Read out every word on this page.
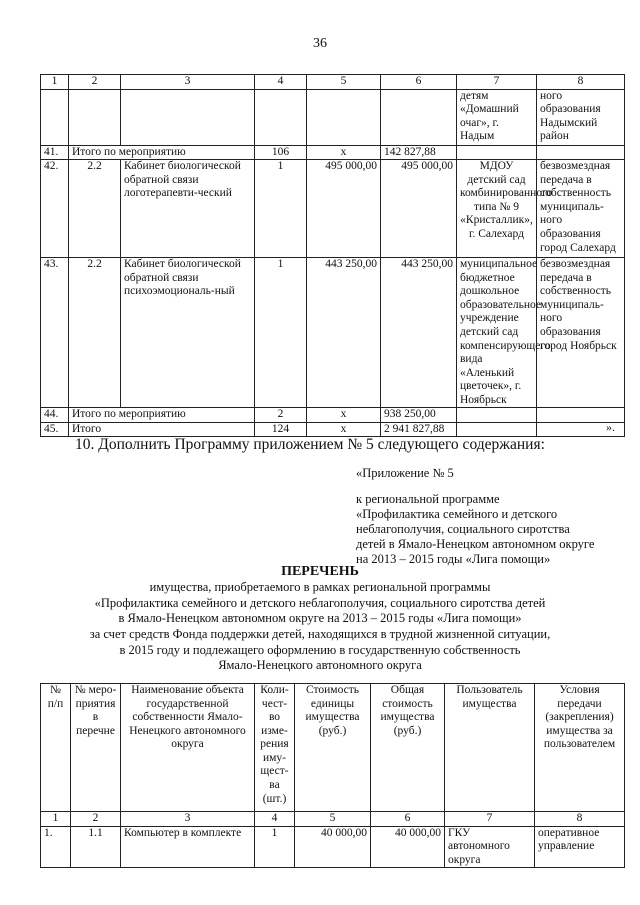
36
1	2	3	4	5	6	7	8
						детям «Домашний очаг», г. Надым	ного образования Надымский район
41.	Итого по мероприятию		106	х	142 827,88		
42.	2.2	Кабинет биологической обратной связи логотерапевти-ческий	1	495 000,00	495 000,00	МДОУ детский сад комбинированного типа № 9 «Кристаллик», г. Салехард	безвозмездная передача в собственность муниципаль-ного образования город Салехард
43.	2.2	Кабинет биологической обратной связи психоэмоциональ-ный	1	443 250,00	443 250,00	муниципальное бюджетное дошкольное образовательное учреждение детский сад компенсирующего вида «Аленький цветочек», г. Ноябрьск	безвозмездная передача в собственность муниципаль-ного образования город Ноябрьск
44.	Итого по мероприятию		2	х	938 250,00		
45.	Итого		124	х	2 941 827,88			».
10. Дополнить Программу приложением № 5 следующего содержания:
«Приложение № 5
к региональной программе
«Профилактика семейного и детского
неблагополучия, социального сиротства
детей в Ямало-Ненецком автономном округе
на 2013 – 2015 годы «Лига помощи»
ПЕРЕЧЕНЬ
имущества, приобретаемого в рамках региональной программы
«Профилактика семейного и детского неблагополучия, социального сиротства детей
в Ямало-Ненецком автономном округе на 2013 – 2015 годы «Лига помощи»
за счет средств Фонда поддержки детей, находящихся в трудной жизненной ситуации,
в 2015 году и подлежащего оформлению в государственную собственность
Ямало-Ненецкого автономного округа
№ п/п	№ меро-приятия в перечне	Наименование объекта государственной собственности Ямало-Ненецкого автономного округа	Коли-чест-во изме-рения иму-щест-ва (шт.)	Стоимость единицы имущества (руб.)	Общая стоимость имущества (руб.)	Пользователь имущества	Условия передачи (закрепления) имущества за пользователем
1	2	3	4	5	6	7	8
1.	1.1	Компьютер в комплекте	1	40 000,00	40 000,00	ГКУ автономного округа	оперативное управление
